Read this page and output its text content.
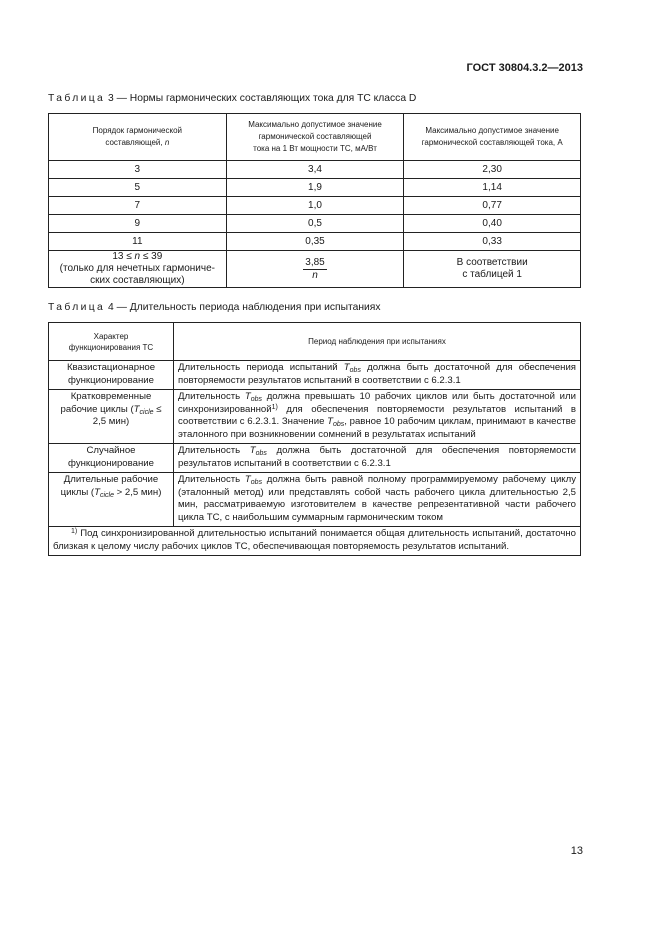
ГОСТ 30804.3.2—2013
Таблица 3 — Нормы гармонических составляющих тока для ТС класса D
Порядок гармонической
составляющей, n	Максимально допустимое значение
гармонической составляющей
тока на 1 Вт мощности ТС, мА/Вт	Максимально допустимое значение
гармонической составляющей тока, А
3	3,4	2,30
5	1,9	1,14
7	1,0	0,77
9	0,5	0,40
11	0,35	0,33
13 ≤ n ≤ 39
(только для нечетных гармониче-
ских составляющих)	$\frac{3,85}{n}$	В соответствии
с таблицей 1
Таблица 4 — Длительность периода наблюдения при испытаниях
Характер
функционирования ТС	Период наблюдения при испытаниях
Квазистационарное функционирование	Длительность периода испытаний $T_{obs}$ должна быть достаточной для обеспечения повторяемости результатов испытаний в соответствии с 6.2.3.1
Кратковременные рабочие циклы ($T_{cicle} \le 2,5$ мин)	Длительность $T_{obs}$ должна превышать 10 рабочих циклов или быть достаточной или синхронизированной$^{1)}$ для обеспечения повторяемости результатов испытаний в соответствии с 6.2.3.1. Значение $T_{obs}$, равное 10 рабочим циклам, принимают в качестве эталонного при возникновении сомнений в результатах испытаний
Случайное функционирование	Длительность $T_{obs}$ должна быть достаточной для обеспечения повторяемости результатов испытаний в соответствии с 6.2.3.1
Длительные рабочие циклы ($T_{cicle} > 2,5$ мин)	Длительность $T_{obs}$ должна быть равной полному программируемому рабочему циклу (эталонный метод) или представлять собой часть рабочего цикла длительностью 2,5 мин, рассматриваемую изготовителем в качестве репрезентативной части рабочего цикла ТС, с наибольшим суммарным гармоническим током
$^{1)}$ Под синхронизированной длительностью испытаний понимается общая длительность испытаний, достаточно близкая к целому числу рабочих циклов ТС, обеспечивающая повторяемость результатов испытаний.	
13
